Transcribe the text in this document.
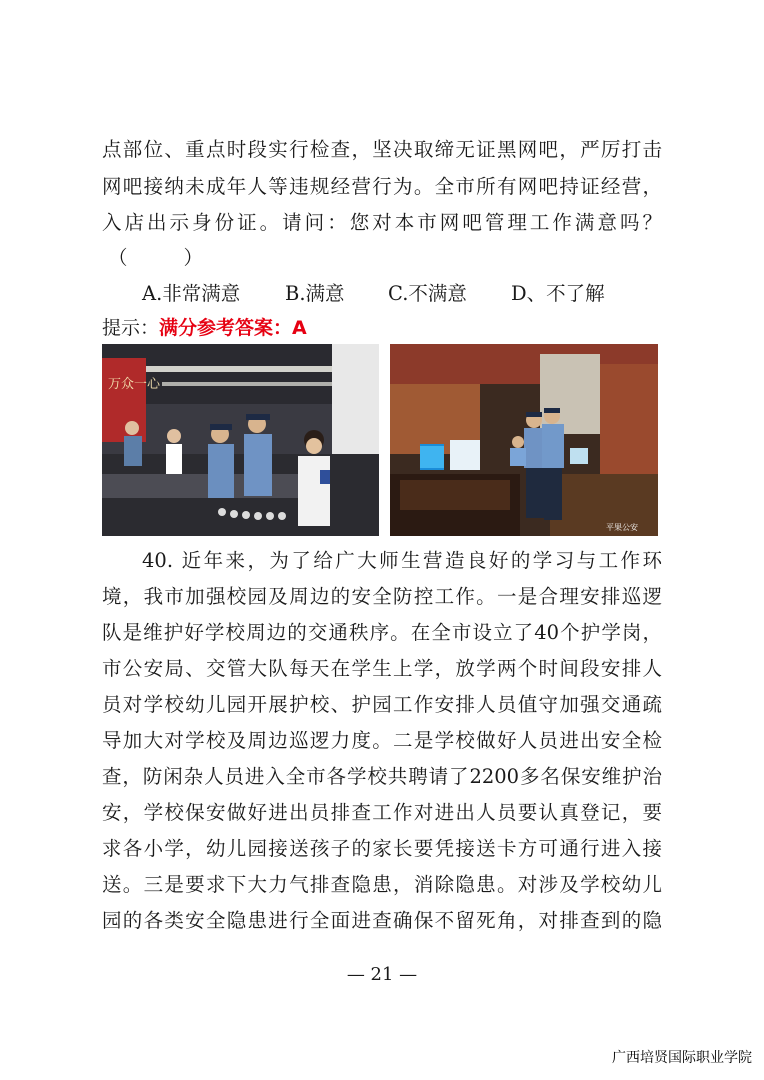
点部位、重点时段实行检查，坚决取缔无证黑网吧，严厉打击
网吧接纳未成年人等违规经营行为。全市所有网吧持证经营，
入店出示身份证。请问：您对本市网吧管理工作满意吗？
（	）
A.非常满意 B.满意 C.不满意 D、不了解
提示：满分参考答案：A
万众一心
平果公安
40. 近年来，为了给广大师生营造良好的学习与工作环
境，我市加强校园及周边的安全防控工作。一是合理安排巡逻
队是维护好学校周边的交通秩序。在全市设立了40个护学岗，
市公安局、交管大队每天在学生上学，放学两个时间段安排人
员对学校幼儿园开展护校、护园工作安排人员值守加强交通疏
导加大对学校及周边巡逻力度。二是学校做好人员进出安全检
查，防闲杂人员进入全市各学校共聘请了2200多名保安维护治
安，学校保安做好进出员排查工作对进出人员要认真登记，要
求各小学，幼儿园接送孩子的家长要凭接送卡方可通行进入接
送。三是要求下大力气排查隐患，消除隐患。对涉及学校幼儿
园的各类安全隐患进行全面进查确保不留死角，对排查到的隐
— 21 —
广西培贤国际职业学院
